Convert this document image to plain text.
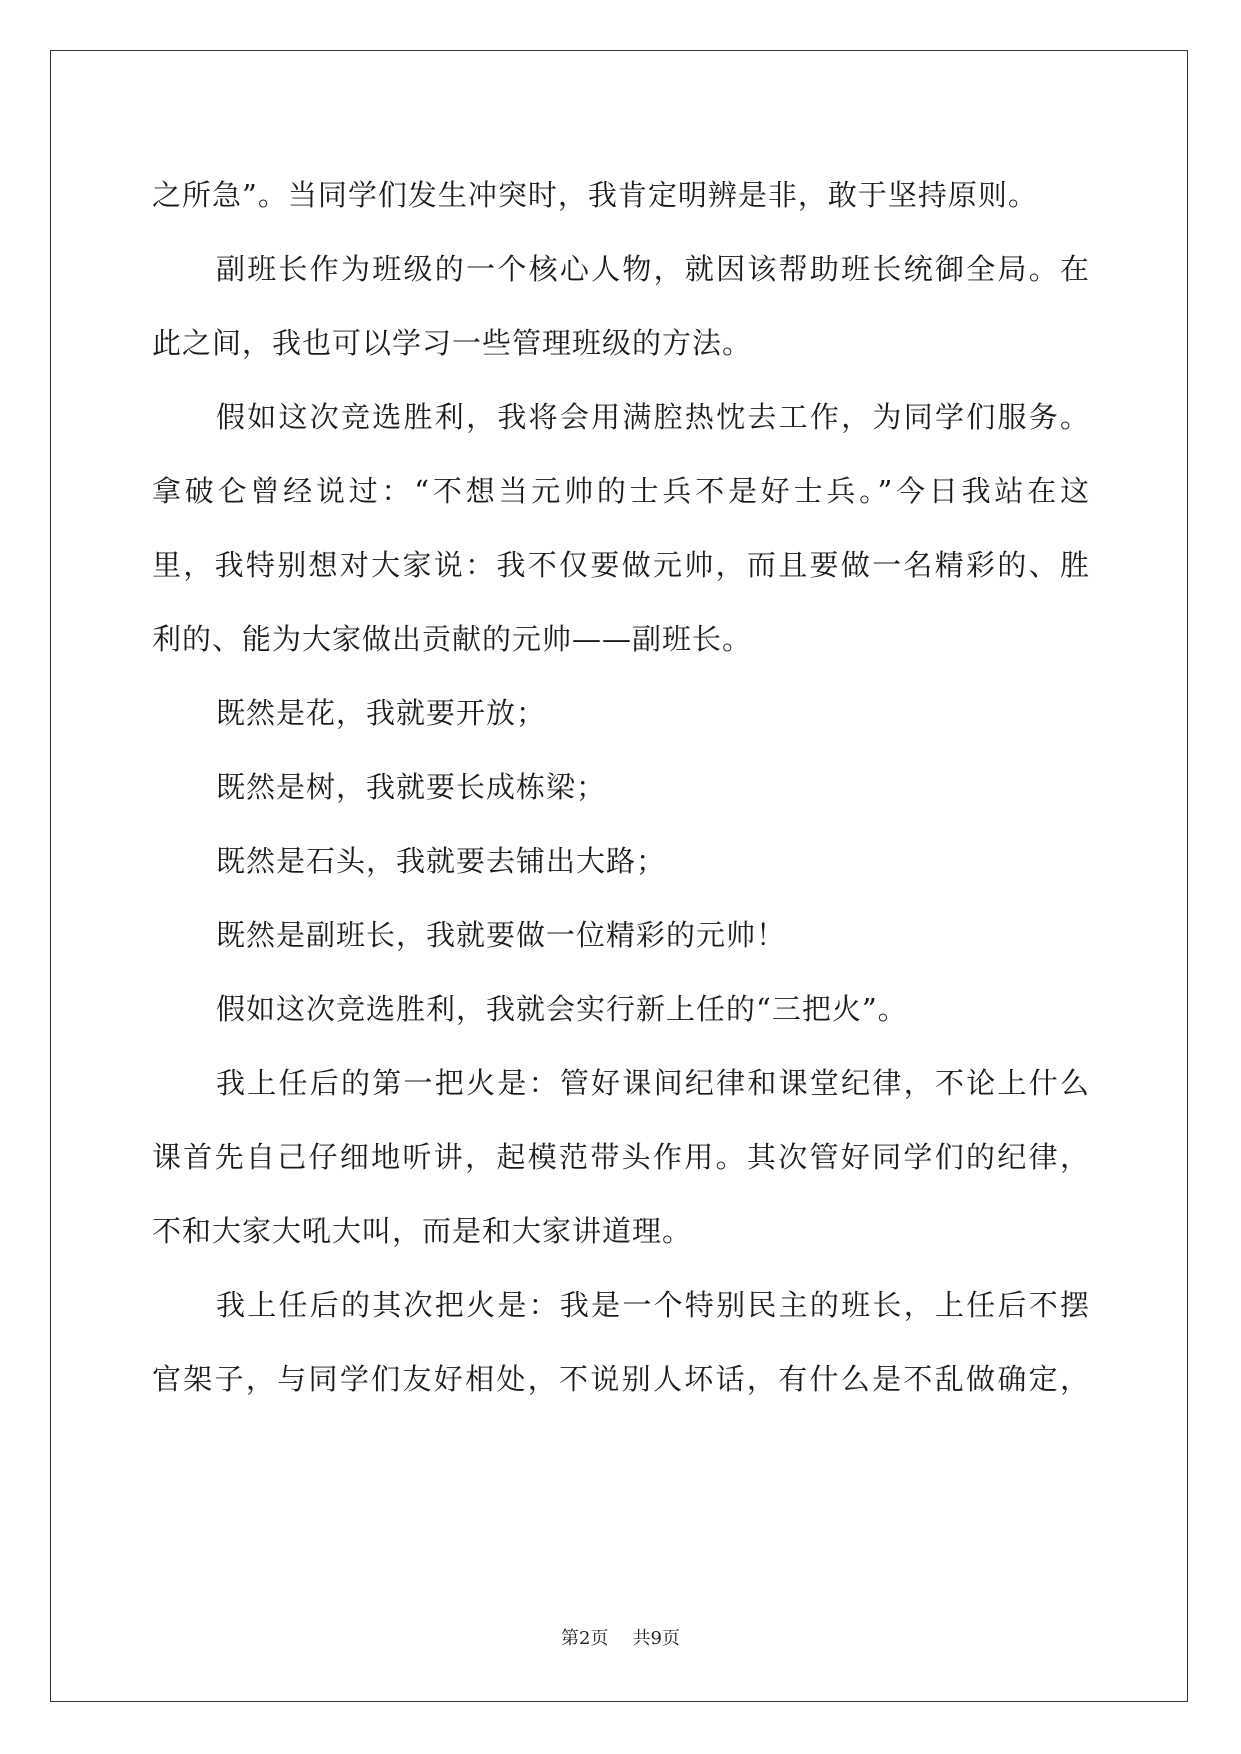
之所急”。当同学们发生冲突时，我肯定明辨是非，敢于坚持原则。
副班长作为班级的一个核心人物，就因该帮助班长统御全局。在
此之间，我也可以学习一些管理班级的方法。
假如这次竞选胜利，我将会用满腔热忱去工作，为同学们服务。
拿破仑曾经说过：“不想当元帅的士兵不是好士兵。”今日我站在这
里，我特别想对大家说：我不仅要做元帅，而且要做一名精彩的、胜
利的、能为大家做出贡献的元帅——副班长。
既然是花，我就要开放；
既然是树，我就要长成栋梁；
既然是石头，我就要去铺出大路；
既然是副班长，我就要做一位精彩的元帅！
假如这次竞选胜利，我就会实行新上任的“三把火”。
我上任后的第一把火是：管好课间纪律和课堂纪律，不论上什么
课首先自己仔细地听讲，起模范带头作用。其次管好同学们的纪律，
不和大家大吼大叫，而是和大家讲道理。
我上任后的其次把火是：我是一个特别民主的班长，上任后不摆
官架子，与同学们友好相处，不说别人坏话，有什么是不乱做确定，
第2页 共9页
